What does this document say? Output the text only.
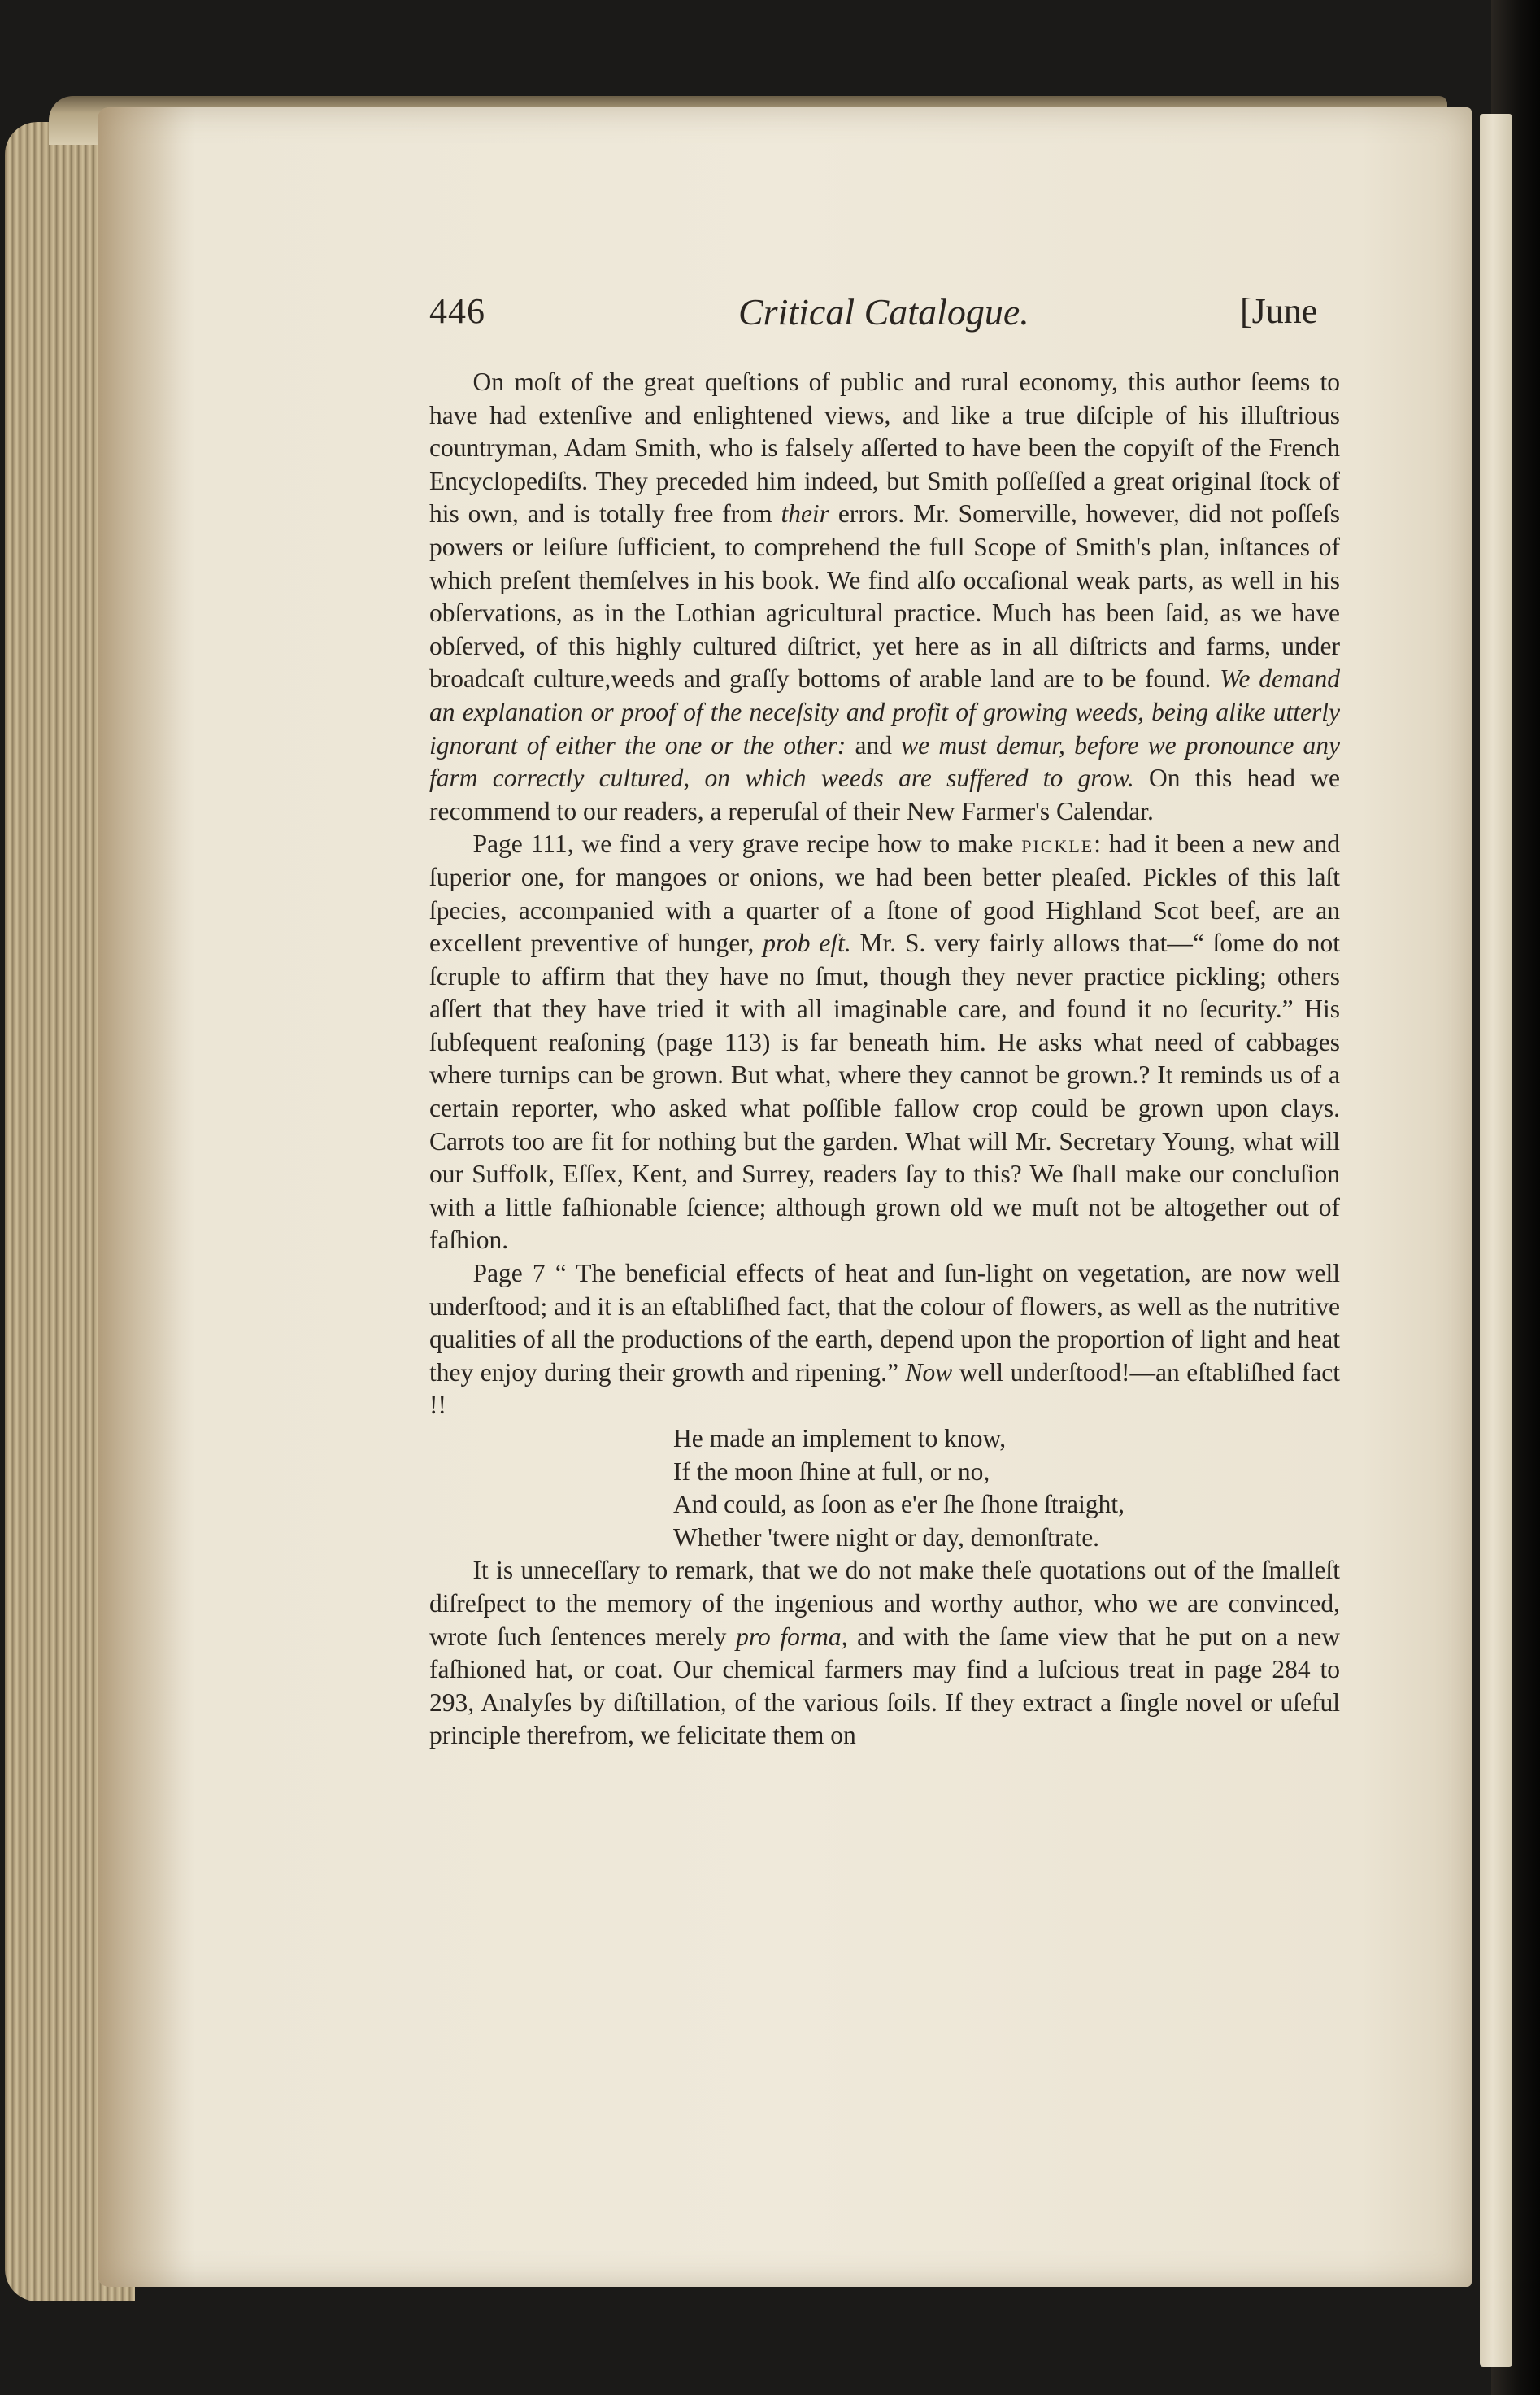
446	Critical Catalogue.	[June

On moſt of the great queſtions of public and rural economy, this author ſeems to have had extenſive and enlightened views, and like a true diſciple of his illuſtrious countryman, Adam Smith, who is falsely aſſerted to have been the copyiſt of the French Encyclopediſts. They preceded him indeed, but Smith poſſeſſed a great original ſtock of his own, and is totally free from their errors. Mr. Somerville, however, did not poſſeſs powers or leiſure ſufficient, to comprehend the full Scope of Smith's plan, inſtances of which preſent themſelves in his book. We find alſo occaſional weak parts, as well in his obſervations, as in the Lothian agricultural practice. Much has been ſaid, as we have obſerved, of this highly cultured diſtrict, yet here as in all diſtricts and farms, under broadcaſt culture,weeds and graſſy bottoms of arable land are to be found. We demand an explanation or proof of the neceſsity and profit of growing weeds, being alike utterly ignorant of either the one or the other: and we must demur, before we pronounce any farm correctly cultured, on which weeds are suffered to grow. On this head we recommend to our readers, a reperuſal of their New Farmer's Calendar.

Page 111, we find a very grave recipe how to make pickle: had it been a new and ſuperior one, for mangoes or onions, we had been better pleaſed. Pickles of this laſt ſpecies, accompanied with a quarter of a ſtone of good Highland Scot beef, are an excellent preventive of hunger, prob eſt. Mr. S. very fairly allows that—“ ſome do not ſcruple to affirm that they have no ſmut, though they never practice pickling; others aſſert that they have tried it with all imaginable care, and found it no ſecurity.” His ſubſequent reaſoning (page 113) is far beneath him. He asks what need of cabbages where turnips can be grown. But what, where they cannot be grown.? It reminds us of a certain reporter, who asked what poſſible fallow crop could be grown upon clays. Carrots too are fit for nothing but the garden. What will Mr. Secretary Young, what will our Suffolk, Eſſex, Kent, and Surrey, readers ſay to this? We ſhall make our concluſion with a little faſhionable ſcience; although grown old we muſt not be altogether out of faſhion.

Page 7 “ The beneficial effects of heat and ſun-light on vegetation, are now well underſtood; and it is an eſtabliſhed fact, that the colour of flowers, as well as the nutritive qualities of all the productions of the earth, depend upon the proportion of light and heat they enjoy during their growth and ripening.” Now well underſtood!—an eſtabliſhed fact !!

He made an implement to know,
If the moon ſhine at full, or no,
And could, as ſoon as e'er ſhe ſhone ſtraight,
Whether 'twere night or day, demonſtrate.

It is unneceſſary to remark, that we do not make theſe quotations out of the ſmalleſt diſreſpect to the memory of the ingenious and worthy author, who we are convinced, wrote ſuch ſentences merely pro forma, and with the ſame view that he put on a new faſhioned hat, or coat. Our chemical farmers may find a luſcious treat in page 284 to 293, Analyſes by diſtillation, of the various ſoils. If they extract a ſingle novel or uſeful principle therefrom, we felicitate them on
